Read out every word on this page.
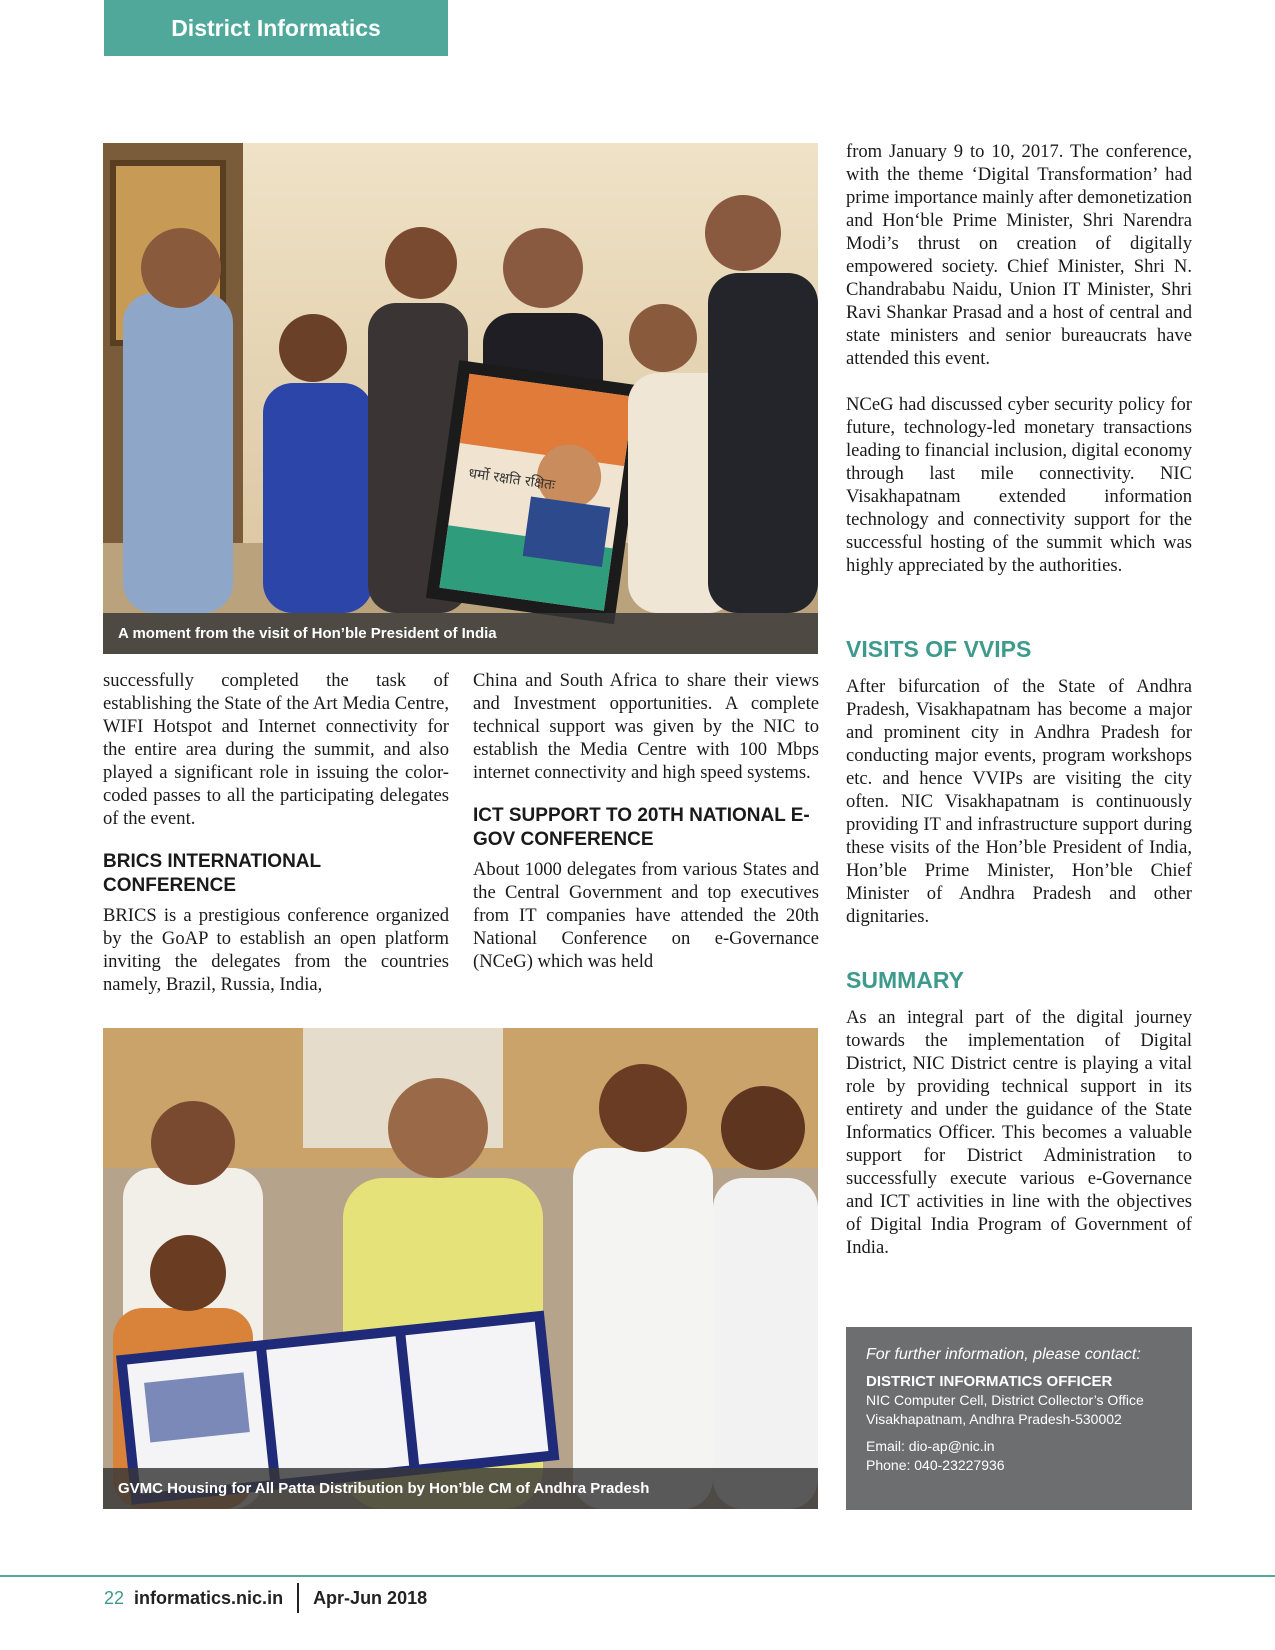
District Informatics
धर्मो रक्षति रक्षितः
A moment from the visit of Hon’ble President of India

successfully completed the task of establishing the State of the Art Media Centre, WIFI Hotspot and Internet connectivity for the entire area during the summit, and also played a significant role in issuing the color-coded passes to all the participating delegates of the event.

BRICS INTERNATIONAL CONFERENCE

BRICS is a prestigious conference organized by the GoAP to establish an open platform inviting the delegates from the countries namely, Brazil, Russia, India,

China and South Africa to share their views and Investment opportunities. A complete technical support was given by the NIC to establish the Media Centre with 100 Mbps internet connectivity and high speed systems.

ICT SUPPORT TO 20TH NATIONAL E-GOV CONFERENCE

About 1000 delegates from various States and the Central Government and top executives from IT companies have attended the 20th National Conference on e-Governance (NCeG) which was held

from January 9 to 10, 2017. The conference, with the theme ‘Digital Transformation’ had prime importance mainly after demonetization and Hon‘ble Prime Minister, Shri Narendra Modi’s thrust on creation of digitally empowered society. Chief Minister, Shri N. Chandrababu Naidu, Union IT Minister, Shri Ravi Shankar Prasad and a host of central and state ministers and senior bureaucrats have attended this event.

NCeG had discussed cyber security policy for future, technology-led monetary transactions leading to financial inclusion, digital economy through last mile connectivity. NIC Visakhapatnam extended information technology and connectivity support for the successful hosting of the summit which was highly appreciated by the authorities.

VISITS OF VVIPS

After bifurcation of the State of Andhra Pradesh, Visakhapatnam has become a major and prominent city in Andhra Pradesh for conducting major events, program workshops etc. and hence VVIPs are visiting the city often. NIC Visakhapatnam is continuously providing IT and infrastructure support during these visits of the Hon’ble President of India, Hon’ble Prime Minister, Hon’ble Chief Minister of Andhra Pradesh and other dignitaries.

SUMMARY

As an integral part of the digital journey towards the implementation of Digital District, NIC District centre is playing a vital role by providing technical support in its entirety and under the guidance of the State Informatics Officer. This becomes a valuable support for District Administration to successfully execute various e-Governance and ICT activities in line with the objectives of Digital India Program of Government of India.

GVMC Housing for All Patta Distribution by Hon’ble CM of Andhra Pradesh
For further information, please contact:
DISTRICT INFORMATICS OFFICER
NIC Computer Cell, District Collector’s Office
Visakhapatnam, Andhra Pradesh-530002
Email: dio-ap@nic.in
Phone: 040-23227936
22 informatics.nic.in Apr-Jun 2018
